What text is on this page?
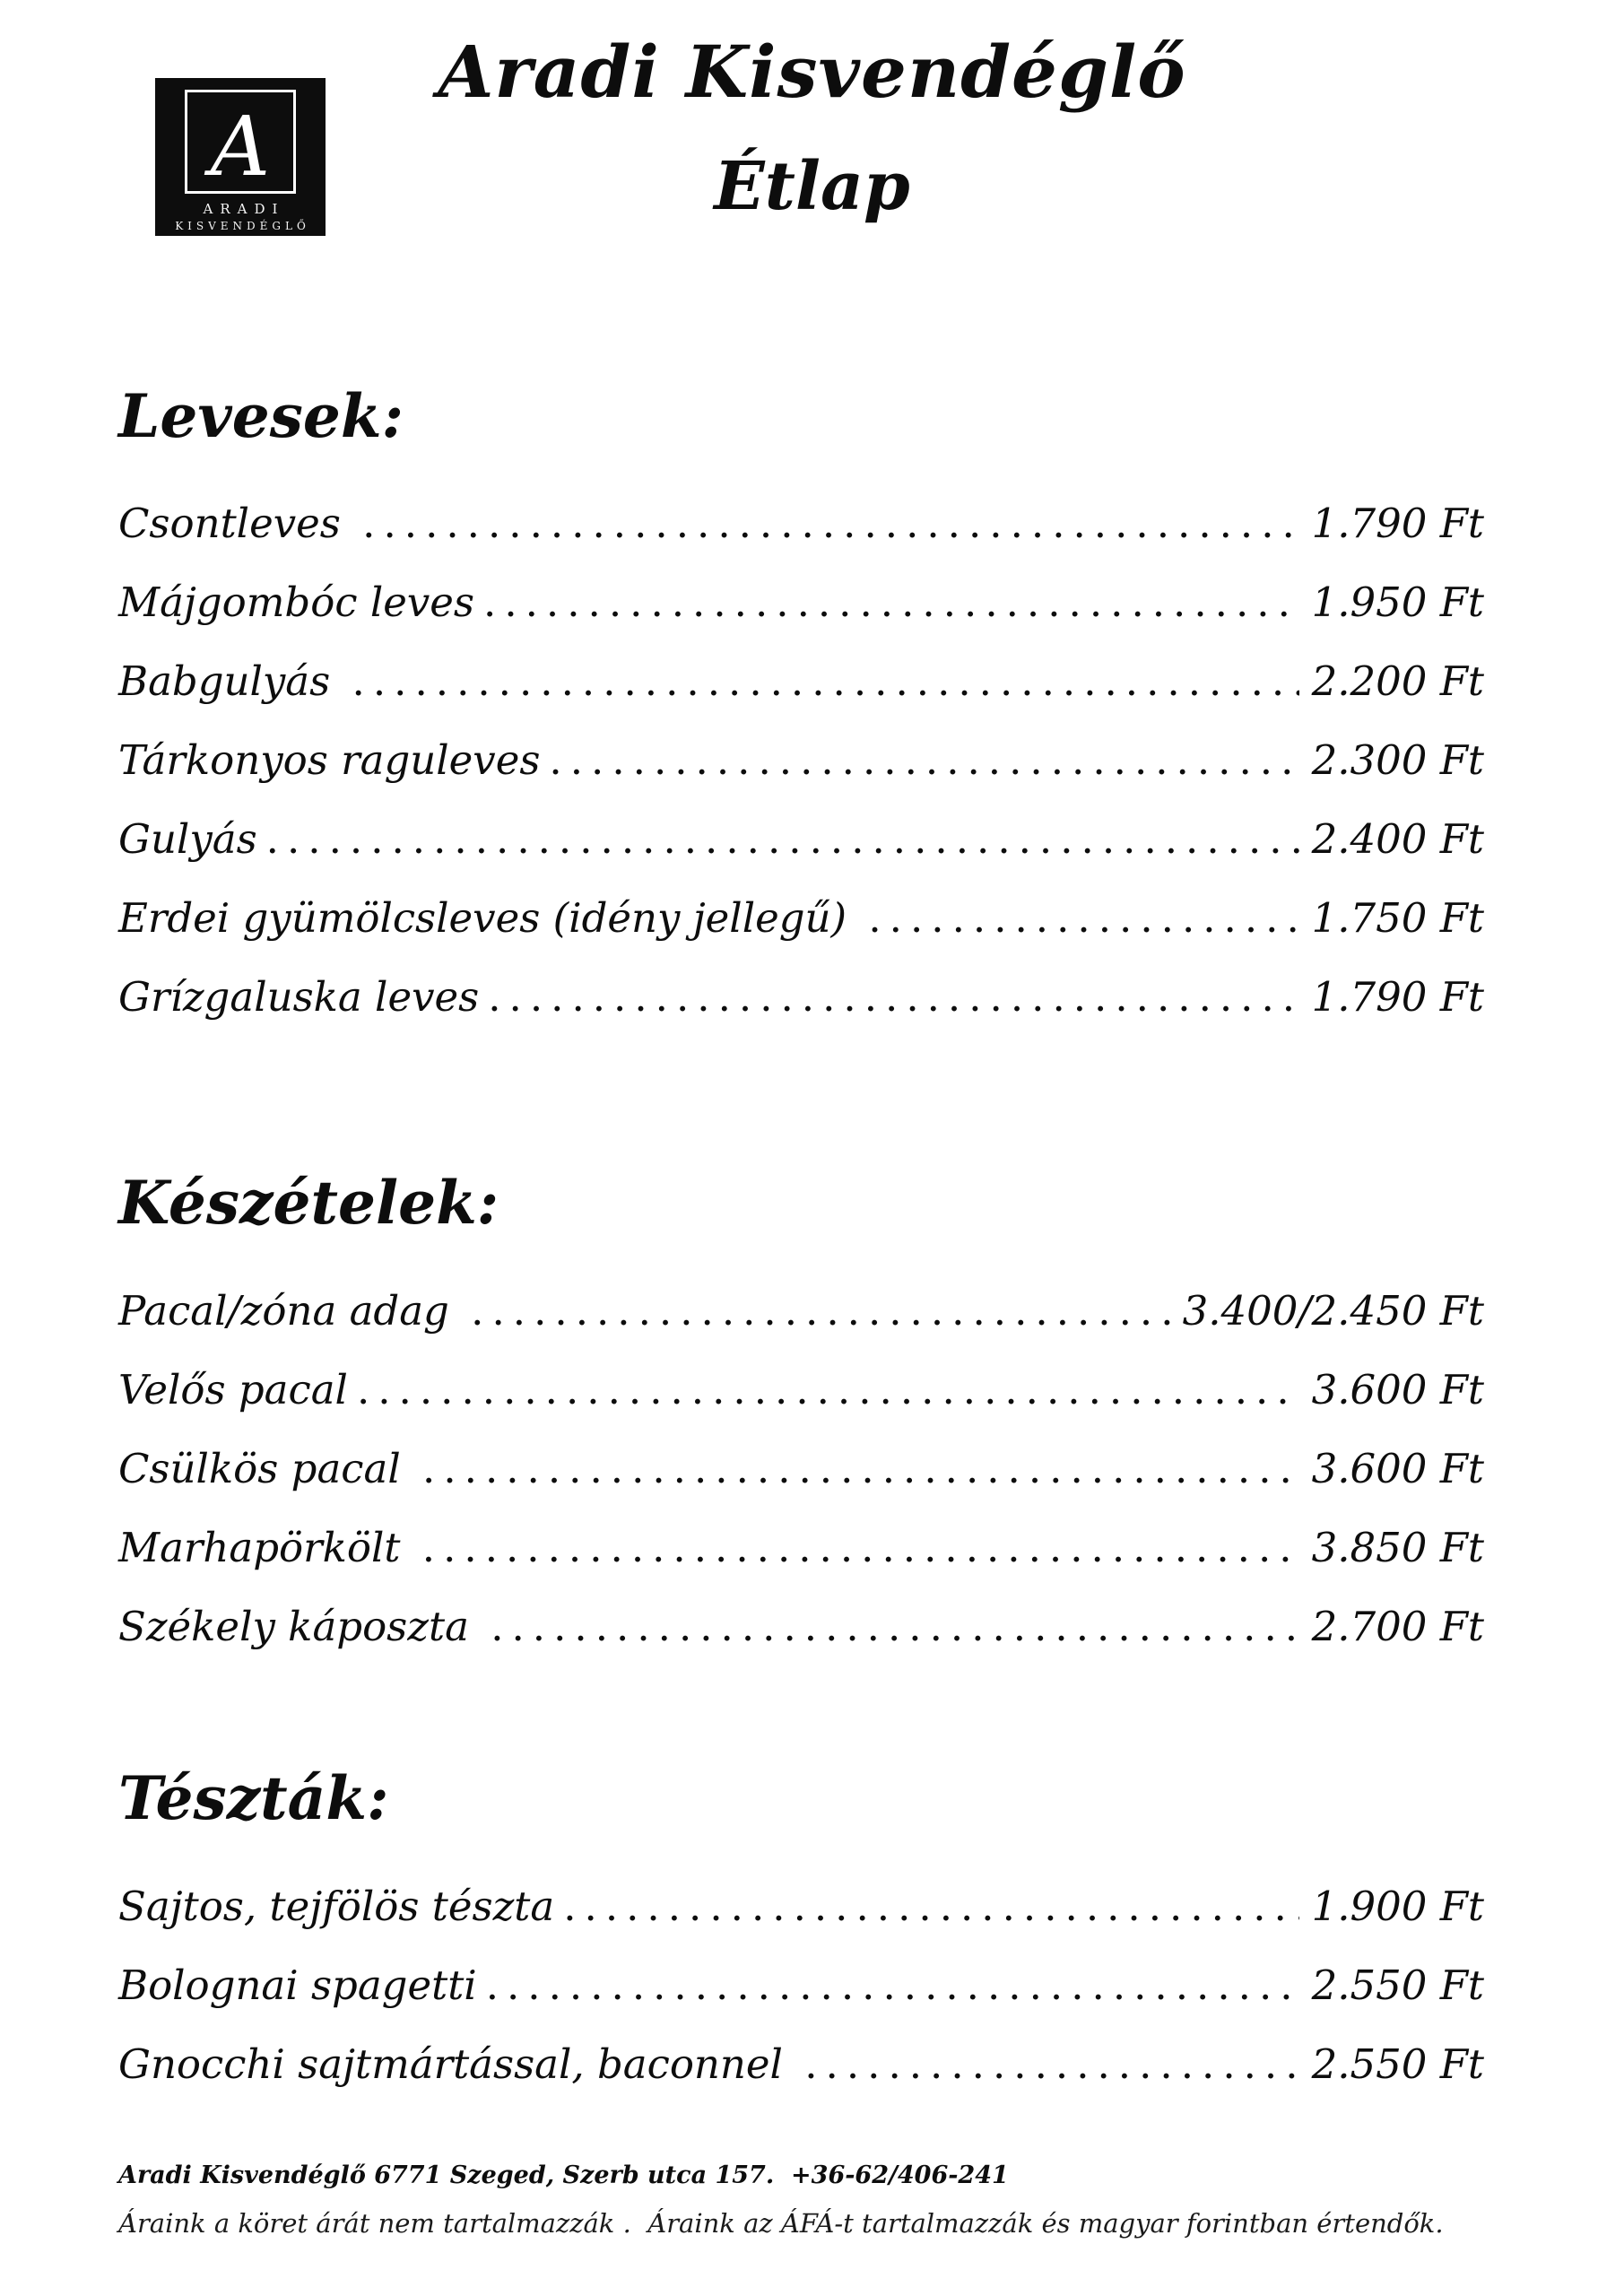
A
ARADI
KISVENDÉGLŐ
Aradi Kisvendéglő
Étlap
Levesek:
Csontleves .....	1.790 Ft
Májgombóc leves .....	1.950 Ft
Babgulyás .....	2.200 Ft
Tárkonyos raguleves .....	2.300 Ft
Gulyás .....	2.400 Ft
Erdei gyümölcsleves (idény jellegű) .....	1.750 Ft
Grízgaluska leves .....	1.790 Ft
Készételek:
Pacal/zóna adag .....	3.400/2.450 Ft
Velős pacal .....	3.600 Ft
Csülkös pacal .....	3.600 Ft
Marhapörkölt .....	3.850 Ft
Székely káposzta .....	2.700 Ft
Tészták:
Sajtos, tejfölös tészta .....	1.900 Ft
Bolognai spagetti .....	2.550 Ft
Gnocchi sajtmártással, baconnel .....	2.550 Ft
Aradi Kisvendéglő 6771 Szeged, Szerb utca 157.  +36-62/406-241
Áraink a köret árát nem tartalmazzák .  Áraink az ÁFÁ-t tartalmazzák és magyar forintban értendők.
